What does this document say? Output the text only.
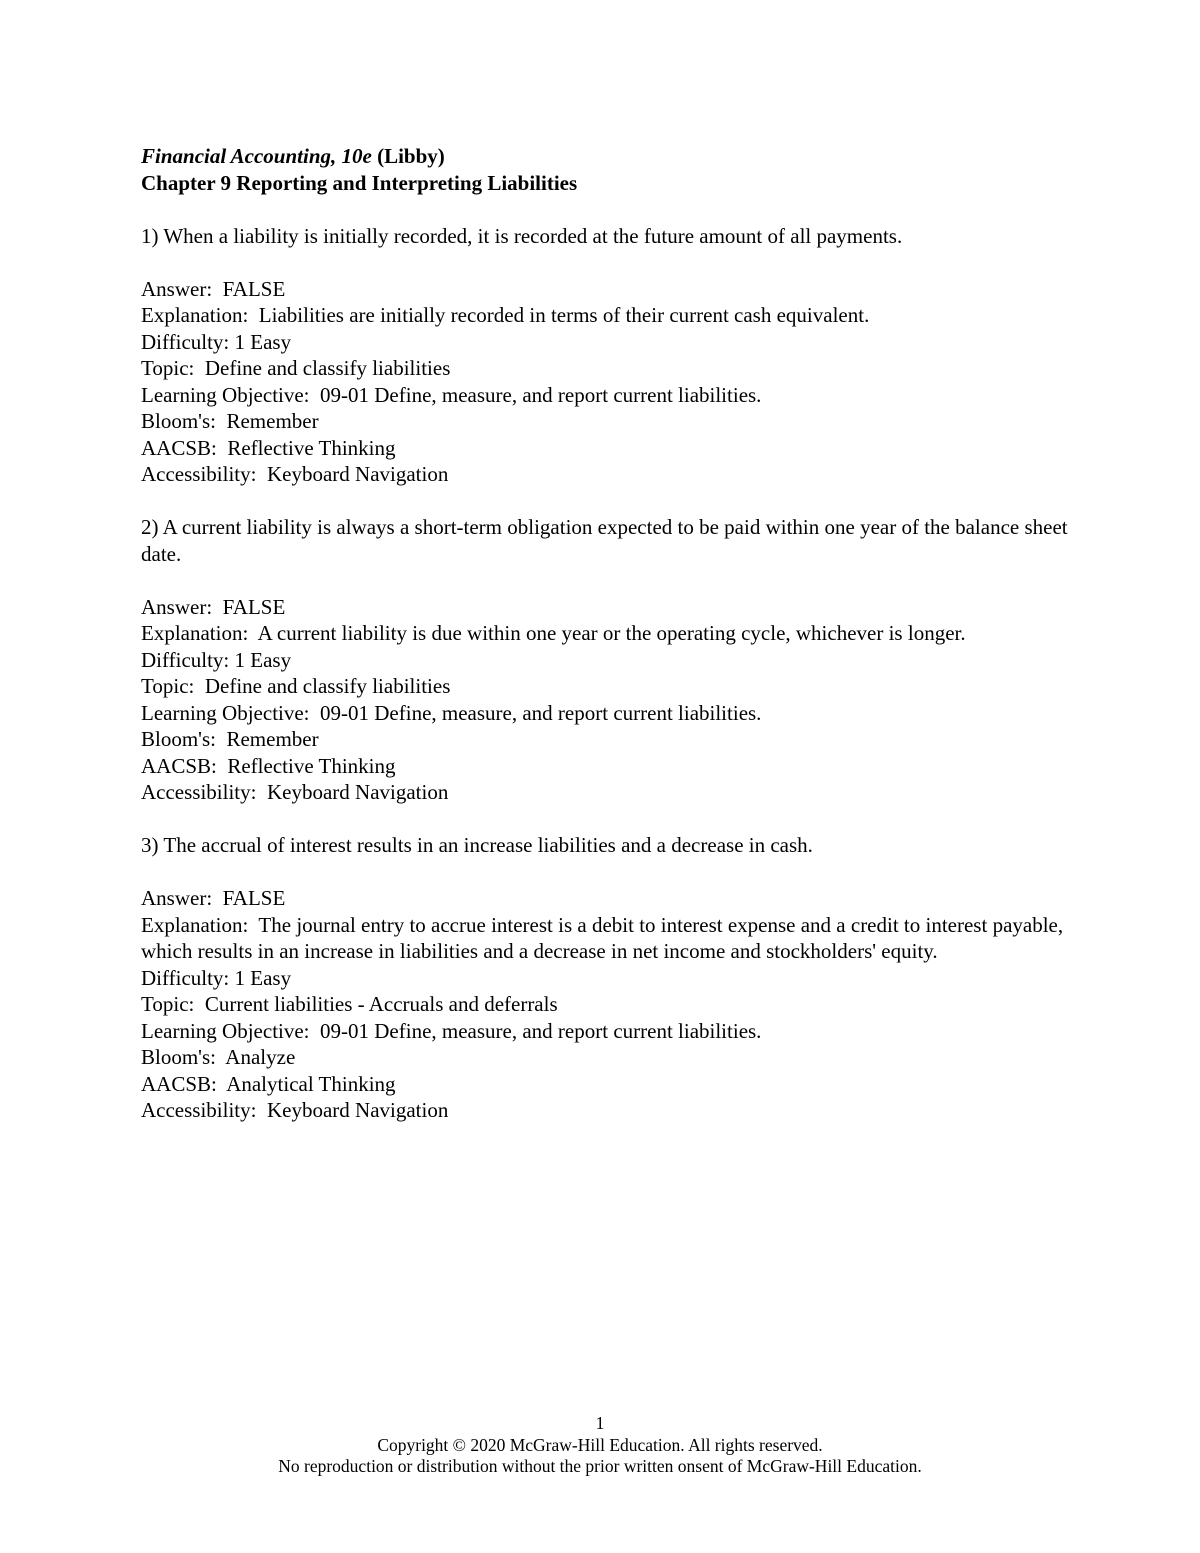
Financial Accounting, 10e (Libby)
Chapter 9 Reporting and Interpreting Liabilities
1) When a liability is initially recorded, it is recorded at the future amount of all payments.
Answer:  FALSE
Explanation:  Liabilities are initially recorded in terms of their current cash equivalent.
Difficulty: 1 Easy
Topic:  Define and classify liabilities
Learning Objective:  09-01 Define, measure, and report current liabilities.
Bloom's:  Remember
AACSB:  Reflective Thinking
Accessibility:  Keyboard Navigation
2) A current liability is always a short-term obligation expected to be paid within one year of the balance sheet date.
Answer:  FALSE
Explanation:  A current liability is due within one year or the operating cycle, whichever is longer.
Difficulty: 1 Easy
Topic:  Define and classify liabilities
Learning Objective:  09-01 Define, measure, and report current liabilities.
Bloom's:  Remember
AACSB:  Reflective Thinking
Accessibility:  Keyboard Navigation
3) The accrual of interest results in an increase liabilities and a decrease in cash.
Answer:  FALSE
Explanation:  The journal entry to accrue interest is a debit to interest expense and a credit to interest payable, which results in an increase in liabilities and a decrease in net income and stockholders' equity.
Difficulty: 1 Easy
Topic:  Current liabilities - Accruals and deferrals
Learning Objective:  09-01 Define, measure, and report current liabilities.
Bloom's:  Analyze
AACSB:  Analytical Thinking
Accessibility:  Keyboard Navigation
1
Copyright © 2020 McGraw-Hill Education. All rights reserved.
No reproduction or distribution without the prior written onsent of McGraw-Hill Education.
